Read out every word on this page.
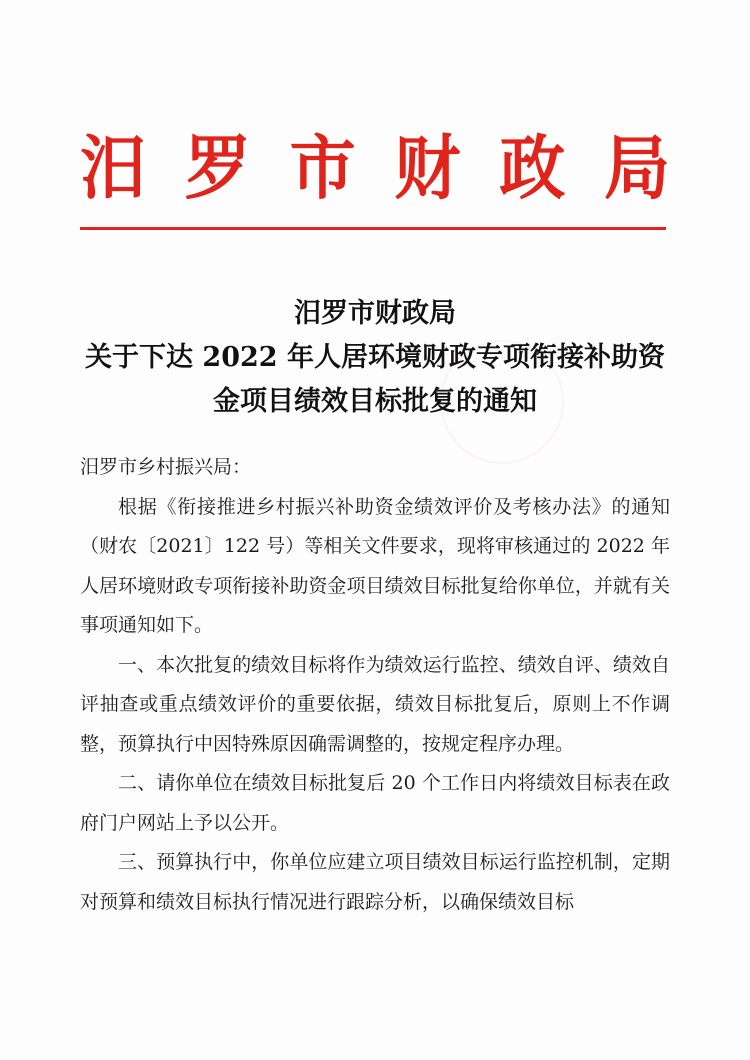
汨 罗 市 财 政 局
汨罗市财政局
关于下达 2022 年人居环境财政专项衔接补助资
金项目绩效目标批复的通知

汨罗市乡村振兴局：

根据《衔接推进乡村振兴补助资金绩效评价及考核办法》的通知（财农〔2021〕122 号）等相关文件要求，现将审核通过的 2022 年人居环境财政专项衔接补助资金项目绩效目标批复给你单位，并就有关事项通知如下。

一、本次批复的绩效目标将作为绩效运行监控、绩效自评、绩效自评抽查或重点绩效评价的重要依据，绩效目标批复后，原则上不作调整，预算执行中因特殊原因确需调整的，按规定程序办理。

二、请你单位在绩效目标批复后 20 个工作日内将绩效目标表在政府门户网站上予以公开。

三、预算执行中，你单位应建立项目绩效目标运行监控机制，定期对预算和绩效目标执行情况进行跟踪分析，以确保绩效目标
